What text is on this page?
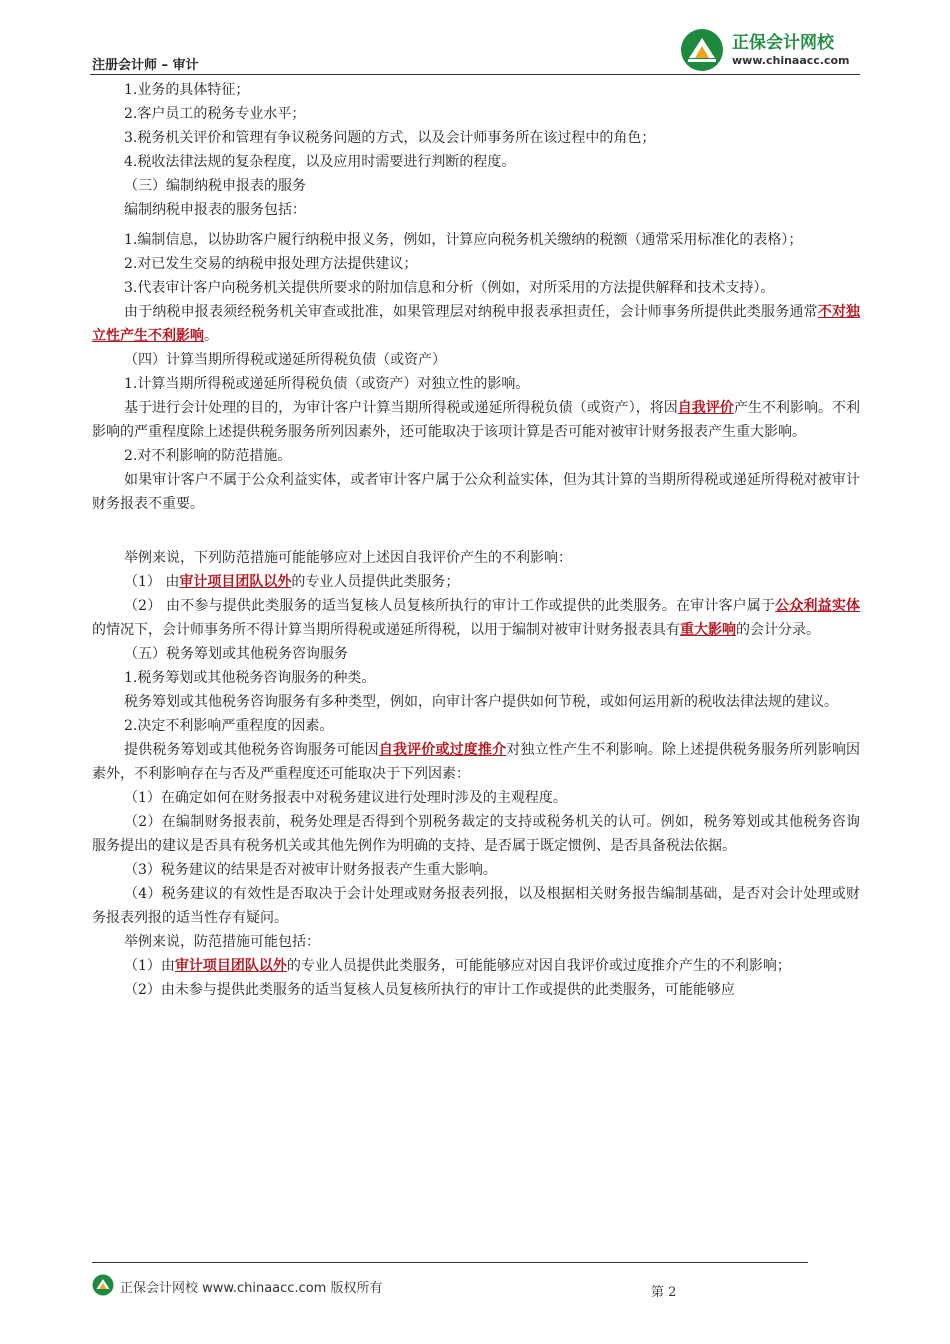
注册会计师 – 审计
正保会计网校
www.chinaacc.com

1.业务的具体特征；

2.客户员工的税务专业水平；

3.税务机关评价和管理有争议税务问题的方式，以及会计师事务所在该过程中的角色；

4.税收法律法规的复杂程度，以及应用时需要进行判断的程度。

（三）编制纳税申报表的服务

编制纳税申报表的服务包括：

1.编制信息，以协助客户履行纳税申报义务，例如，计算应向税务机关缴纳的税额（通常采用标准化的表格）；

2.对已发生交易的纳税申报处理方法提供建议；

3.代表审计客户向税务机关提供所要求的附加信息和分析（例如，对所采用的方法提供解释和技术支持）。

由于纳税申报表须经税务机关审查或批准，如果管理层对纳税申报表承担责任，会计师事务所提供此类服务通常不对独立性产生不利影响。

（四）计算当期所得税或递延所得税负债（或资产）

1.计算当期所得税或递延所得税负债（或资产）对独立性的影响。

基于进行会计处理的目的，为审计客户计算当期所得税或递延所得税负债（或资产），将因自我评价产生不利影响。不利影响的严重程度除上述提供税务服务所列因素外，还可能取决于该项计算是否可能对被审计财务报表产生重大影响。

2.对不利影响的防范措施。

如果审计客户不属于公众利益实体，或者审计客户属于公众利益实体，但为其计算的当期所得税或递延所得税对被审计财务报表不重要。

举例来说，下列防范措施可能能够应对上述因自我评价产生的不利影响：

（1） 由审计项目团队以外的专业人员提供此类服务；

（2） 由不参与提供此类服务的适当复核人员复核所执行的审计工作或提供的此类服务。在审计客户属于公众利益实体的情况下，会计师事务所不得计算当期所得税或递延所得税，以用于编制对被审计财务报表具有重大影响的会计分录。

（五）税务筹划或其他税务咨询服务

1.税务筹划或其他税务咨询服务的种类。

税务筹划或其他税务咨询服务有多种类型，例如，向审计客户提供如何节税，或如何运用新的税收法律法规的建议。

2.决定不利影响严重程度的因素。

提供税务筹划或其他税务咨询服务可能因自我评价或过度推介对独立性产生不利影响。除上述提供税务服务所列影响因素外，不利影响存在与否及严重程度还可能取决于下列因素：

（1）在确定如何在财务报表中对税务建议进行处理时涉及的主观程度。

（2）在编制财务报表前，税务处理是否得到个别税务裁定的支持或税务机关的认可。例如，税务筹划或其他税务咨询服务提出的建议是否具有税务机关或其他先例作为明确的支持、是否属于既定惯例、是否具备税法依据。

（3）税务建议的结果是否对被审计财务报表产生重大影响。

（4）税务建议的有效性是否取决于会计处理或财务报表列报，以及根据相关财务报告编制基础，是否对会计处理或财务报表列报的适当性存有疑问。

举例来说，防范措施可能包括：

（1）由审计项目团队以外的专业人员提供此类服务，可能能够应对因自我评价或过度推介产生的不利影响；

（2）由未参与提供此类服务的适当复核人员复核所执行的审计工作或提供的此类服务，可能能够应

正保会计网校 www.chinaacc.com 版权所有	第 2
